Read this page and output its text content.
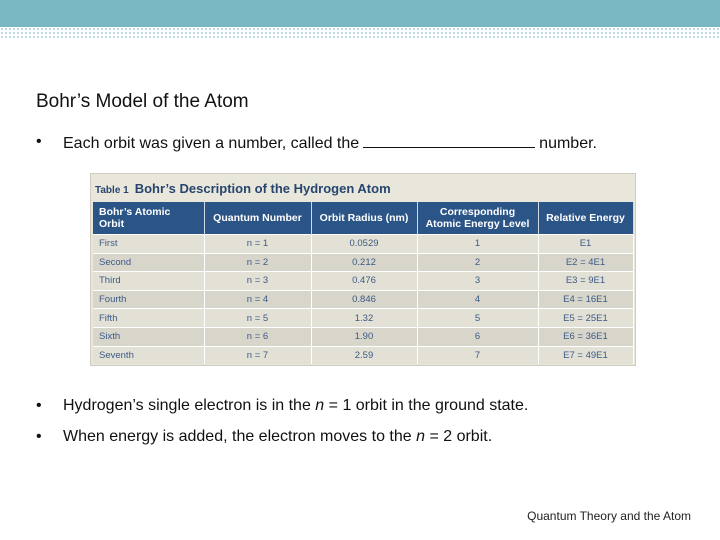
Bohr’s Model of the Atom
• Each orbit was given a number, called the	number.
Table 1 Bohr’s Description of the Hydrogen Atom
Bohr’s Atomic Orbit	Quantum Number	Orbit Radius (nm)	Corresponding Atomic Energy Level	Relative Energy
First	n = 1	0.0529	1	E1
Second	n = 2	0.212	2	E2 = 4E1
Third	n = 3	0.476	3	E3 = 9E1
Fourth	n = 4	0.846	4	E4 = 16E1
Fifth	n = 5	1.32	5	E5 = 25E1
Sixth	n = 6	1.90	6	E6 = 36E1
Seventh	n = 7	2.59	7	E7 = 49E1
• Hydrogen’s single electron is in the n = 1 orbit in the ground state.
• When energy is added, the electron moves to the n = 2 orbit.
Quantum Theory and the Atom
